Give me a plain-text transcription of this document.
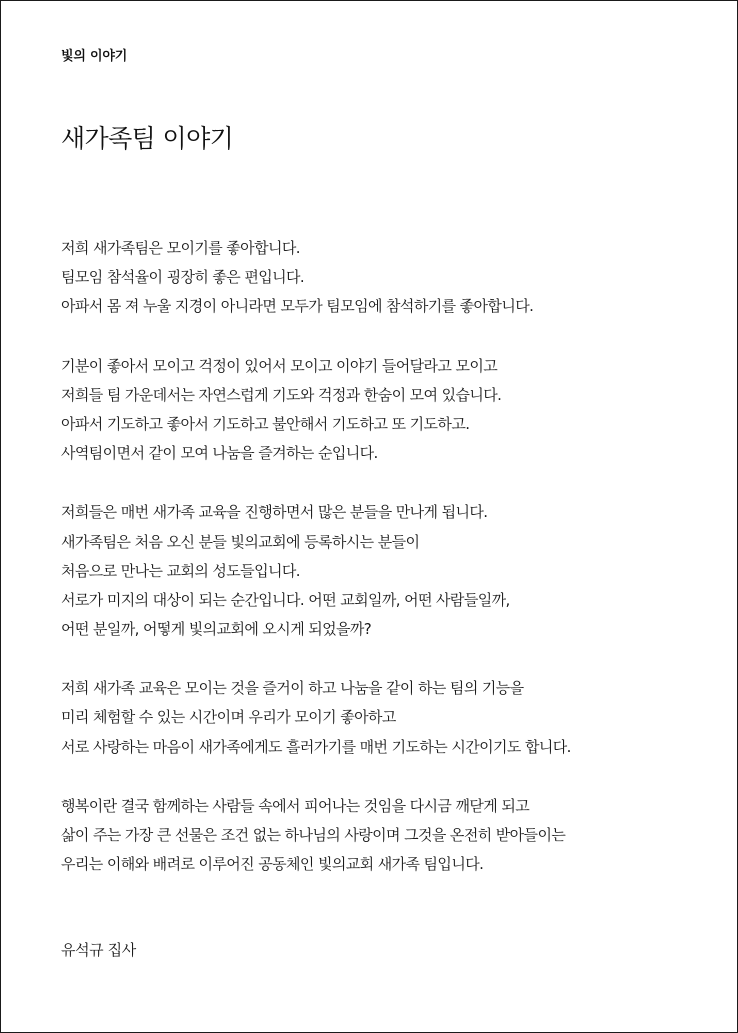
빛의 이야기
새가족팀 이야기
저희 새가족팀은 모이기를 좋아합니다.
팀모임 참석율이 굉장히 좋은 편입니다.
아파서 몸 져 누울 지경이 아니라면 모두가 팀모임에 참석하기를 좋아합니다.
기분이 좋아서 모이고 걱정이 있어서 모이고 이야기 들어달라고 모이고
저희들 팀 가운데서는 자연스럽게 기도와 걱정과 한숨이 모여 있습니다.
아파서 기도하고 좋아서 기도하고 불안해서 기도하고 또 기도하고.
사역팀이면서 같이 모여 나눔을 즐겨하는 순입니다.
저희들은 매번 새가족 교육을 진행하면서 많은 분들을 만나게 됩니다.
새가족팀은 처음 오신 분들 빛의교회에 등록하시는 분들이
처음으로 만나는 교회의 성도들입니다.
서로가 미지의 대상이 되는 순간입니다. 어떤 교회일까, 어떤 사람들일까,
어떤 분일까, 어떻게 빛의교회에 오시게 되었을까?
저희 새가족 교육은 모이는 것을 즐거이 하고 나눔을 같이 하는 팀의 기능을
미리 체험할 수 있는 시간이며 우리가 모이기 좋아하고
서로 사랑하는 마음이 새가족에게도 흘러가기를 매번 기도하는 시간이기도 합니다.
행복이란 결국 함께하는 사람들 속에서 피어나는 것임을 다시금 깨닫게 되고
삶이 주는 가장 큰 선물은 조건 없는 하나님의 사랑이며 그것을 온전히 받아들이는
우리는 이해와 배려로 이루어진 공동체인 빛의교회 새가족 팀입니다.
유석규 집사
